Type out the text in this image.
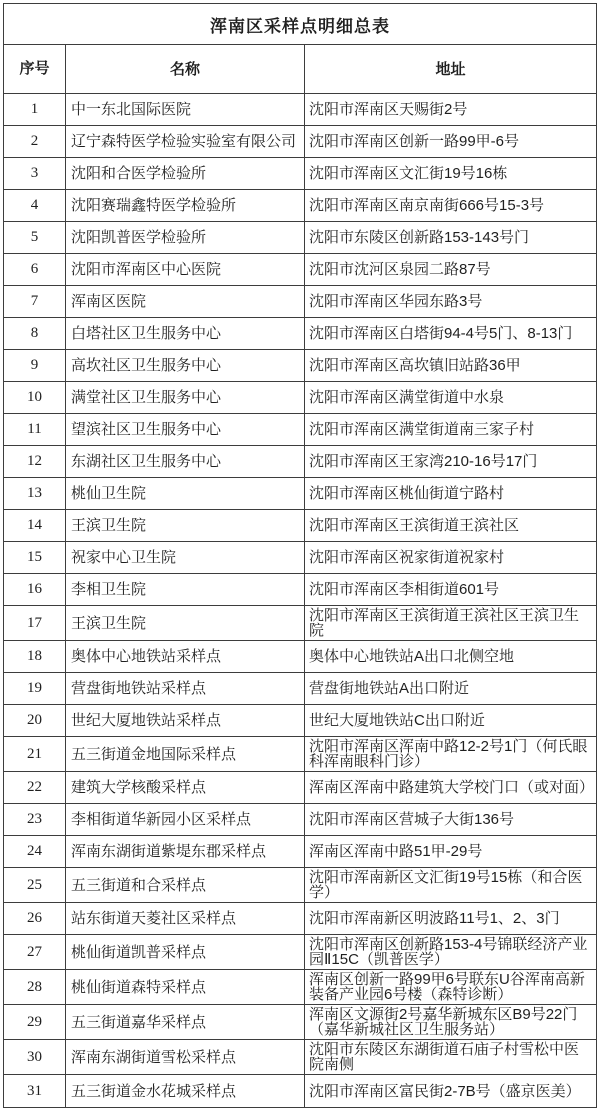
浑南区采样点明细总表
序号	名称	地址
1	中一东北国际医院	沈阳市浑南区天赐街2号
2	辽宁森特医学检验实验室有限公司 沈阳市浑南区创新一路99甲-6号
3	沈阳和合医学检验所	沈阳市浑南区文汇街19号16栋
4	沈阳赛瑞鑫特医学检验所	沈阳市浑南区南京南街666号15-3号
5	沈阳凯普医学检验所	沈阳市东陵区创新路153-143号门
6	沈阳市浑南区中心医院	沈阳市沈河区泉园二路87号
7	浑南区医院	沈阳市浑南区华园东路3号
8	白塔社区卫生服务中心	沈阳市浑南区白塔街94-4号5门、8-13门
9	高坎社区卫生服务中心	沈阳市浑南区高坎镇旧站路36甲
10	满堂社区卫生服务中心	沈阳市浑南区满堂街道中水泉
11	望滨社区卫生服务中心	沈阳市浑南区满堂街道南三家子村
12	东湖社区卫生服务中心	沈阳市浑南区王家湾210-16号17门
13	桃仙卫生院	沈阳市浑南区桃仙街道宁路村
14	王滨卫生院	沈阳市浑南区王滨街道王滨社区
15	祝家中心卫生院	沈阳市浑南区祝家街道祝家村
16	李相卫生院	沈阳市浑南区李相街道601号
17	王滨卫生院	沈阳市浑南区王滨街道王滨社区王滨卫生院
18	奥体中心地铁站采样点	奥体中心地铁站A出口北侧空地
19	营盘街地铁站采样点	营盘街地铁站A出口附近
20	世纪大厦地铁站采样点	世纪大厦地铁站C出口附近
21	五三街道金地国际采样点	沈阳市浑南区浑南中路12-2号1门（何氏眼科浑南眼科门诊）
22	建筑大学核酸采样点	浑南区浑南中路建筑大学校门口（或对面）
23	李相街道华新园小区采样点	沈阳市浑南区营城子大街136号
24	浑南东湖街道紫堤东郡采样点	浑南区浑南中路51甲-29号
25	五三街道和合采样点	沈阳市浑南新区文汇街19号15栋（和合医学）
26	站东街道天菱社区采样点	沈阳市浑南新区明波路11号1、2、3门
27	桃仙街道凯普采样点	沈阳市浑南区创新路153-4号锦联经济产业园Ⅱ15C（凯普医学）
28	桃仙街道森特采样点	浑南区创新一路99甲6号联东U谷浑南高新装备产业园6号楼（森特诊断）
29	五三街道嘉华采样点	浑南区文源街2号嘉华新城东区B9号22门（嘉华新城社区卫生服务站）
30	浑南东湖街道雪松采样点	沈阳市东陵区东湖街道石庙子村雪松中医院南侧
31	五三街道金水花城采样点	沈阳市浑南区富民街2-7B号（盛京医美）
